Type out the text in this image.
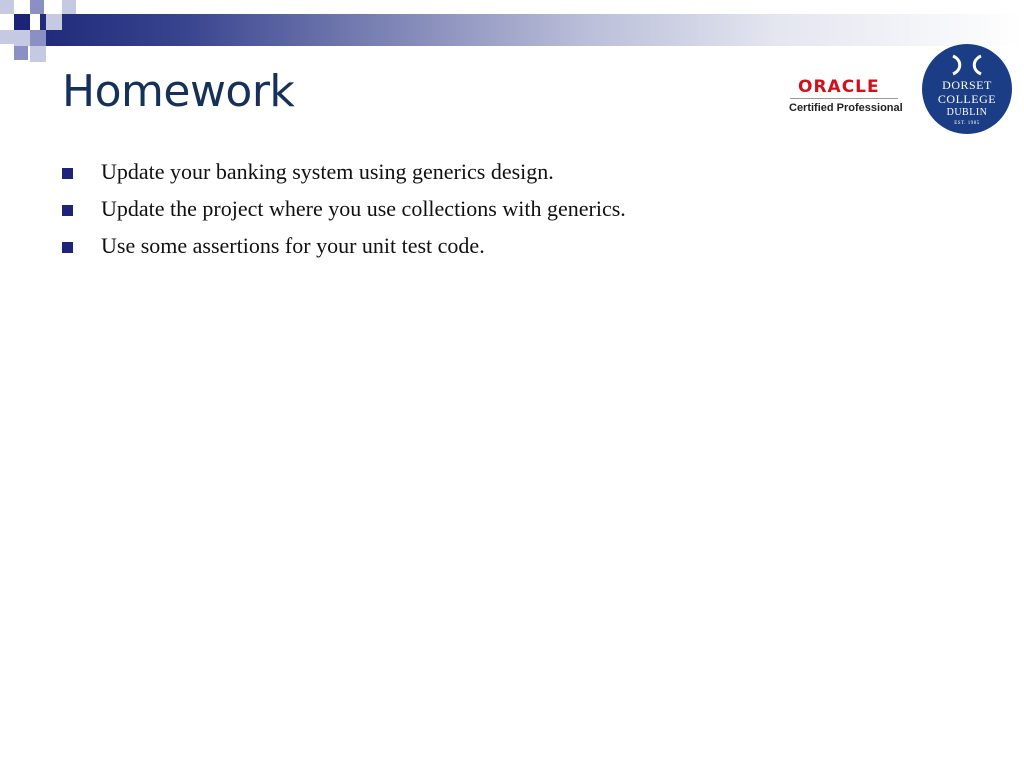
Homework	ORACLE
Certified Professional
DORSET
COLLEGE
DUBLIN
EST. 1985
Update your banking system using generics design.
Update the project where you use collections with generics.
Use some assertions for your unit test code.
